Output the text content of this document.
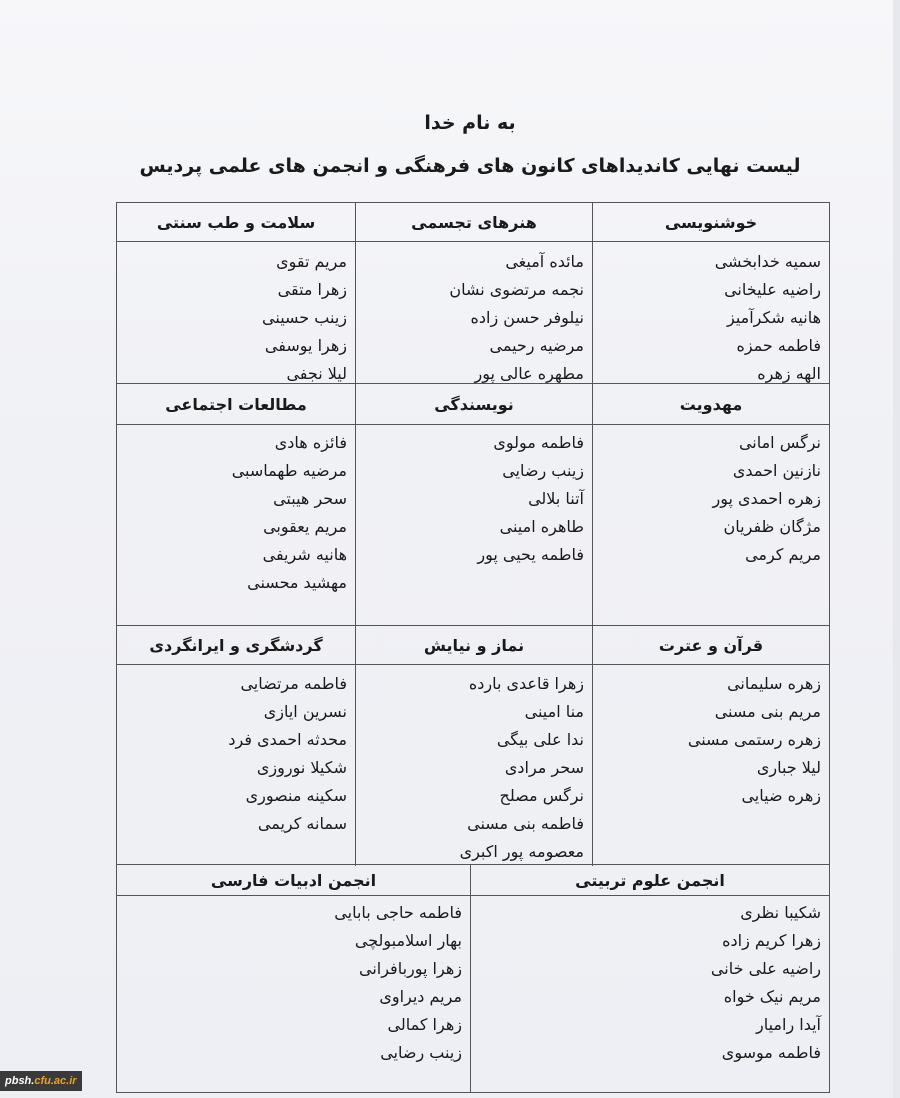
به نام خدا
لیست نهایی کاندیداهای کانون های فرهنگی و انجمن های علمی پردیس
خوشنویسی
سمیه خدابخشی
راضیه علیخانی
هانیه شکرآمیز
فاطمه حمزه
الهه زهره
هنرهای تجسمی
مائده آمیغی
نجمه مرتضوی نشان
نیلوفر حسن زاده
مرضیه رحیمی
مطهره عالی پور
سلامت و طب سنتی
مریم تقوی
زهرا متقی
زینب حسینی
زهرا یوسفی
لیلا نجفی
مهدویت
نرگس امانی
نازنین احمدی
زهره احمدی پور
مژگان ظفریان
مریم کرمی
نویسندگی
فاطمه مولوی
زینب رضایی
آتنا بلالی
طاهره امینی
فاطمه یحیی پور
مطالعات اجتماعی
فائزه هادی
مرضیه طهماسبی
سحر هیبتی
مریم یعقوبی
هانیه شریفی
مهشید محسنی
قرآن و عترت
زهره سلیمانی
مریم بنی مسنی
زهره رستمی مسنی
لیلا جباری
زهره ضیایی
نماز و نیایش
زهرا قاعدی بارده
منا امینی
ندا علی بیگی
سحر مرادی
نرگس مصلح
فاطمه بنی مسنی
معصومه پور اکبری
گردشگری و ایرانگردی
فاطمه مرتضایی
نسرین ایازی
محدثه احمدی فرد
شکیلا نوروزی
سکینه منصوری
سمانه کریمی
انجمن علوم تربیتی
شکیبا نظری
زهرا کریم زاده
راضیه علی خانی
مریم نیک خواه
آیدا رامیار
فاطمه موسوی
انجمن ادبیات فارسی
فاطمه حاجی بابایی
بهار اسلامبولچی
زهرا پوربافرانی
مریم دیراوی
زهرا کمالی
زینب رضایی
pbsh.cfu.ac.ir
